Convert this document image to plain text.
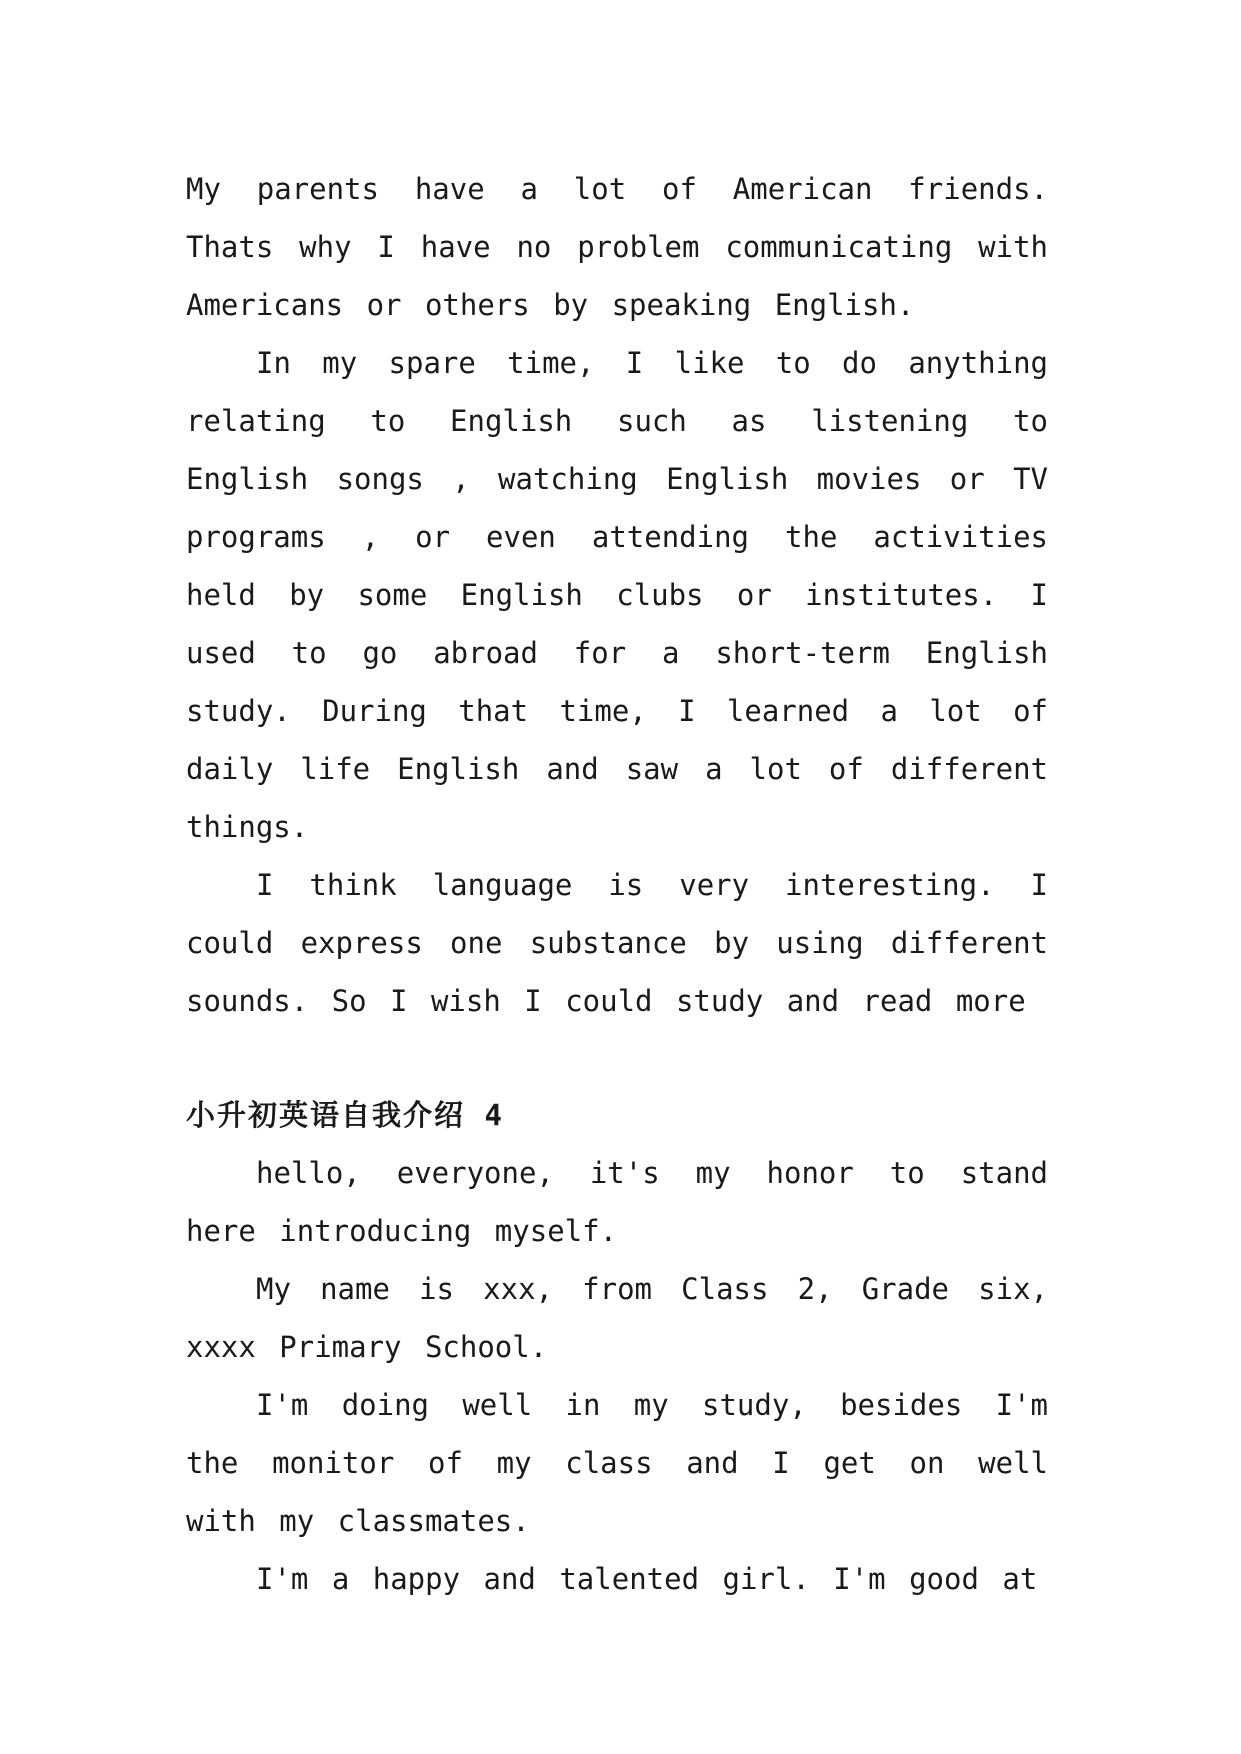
My parents have a lot of American friends. Thats why I have no problem communicating with Americans or others by speaking English.

In my spare time, I like to do anything relating to English such as listening to English songs , watching English movies or TV programs , or even attending the activities held by some English clubs or institutes. I used to go abroad for a short-term English study. During that time, I learned a lot of daily life English and saw a lot of different things.

I think language is very interesting. I could express one substance by using different sounds. So I wish I could study and read more

小升初英语自我介绍 4

hello, everyone, it's my honor to stand here introducing myself.

My name is xxx, from Class 2, Grade six, xxxx Primary School.

I'm doing well in my study, besides I'm the monitor of my class and I get on well with my classmates.

I'm a happy and talented girl. I'm good at
